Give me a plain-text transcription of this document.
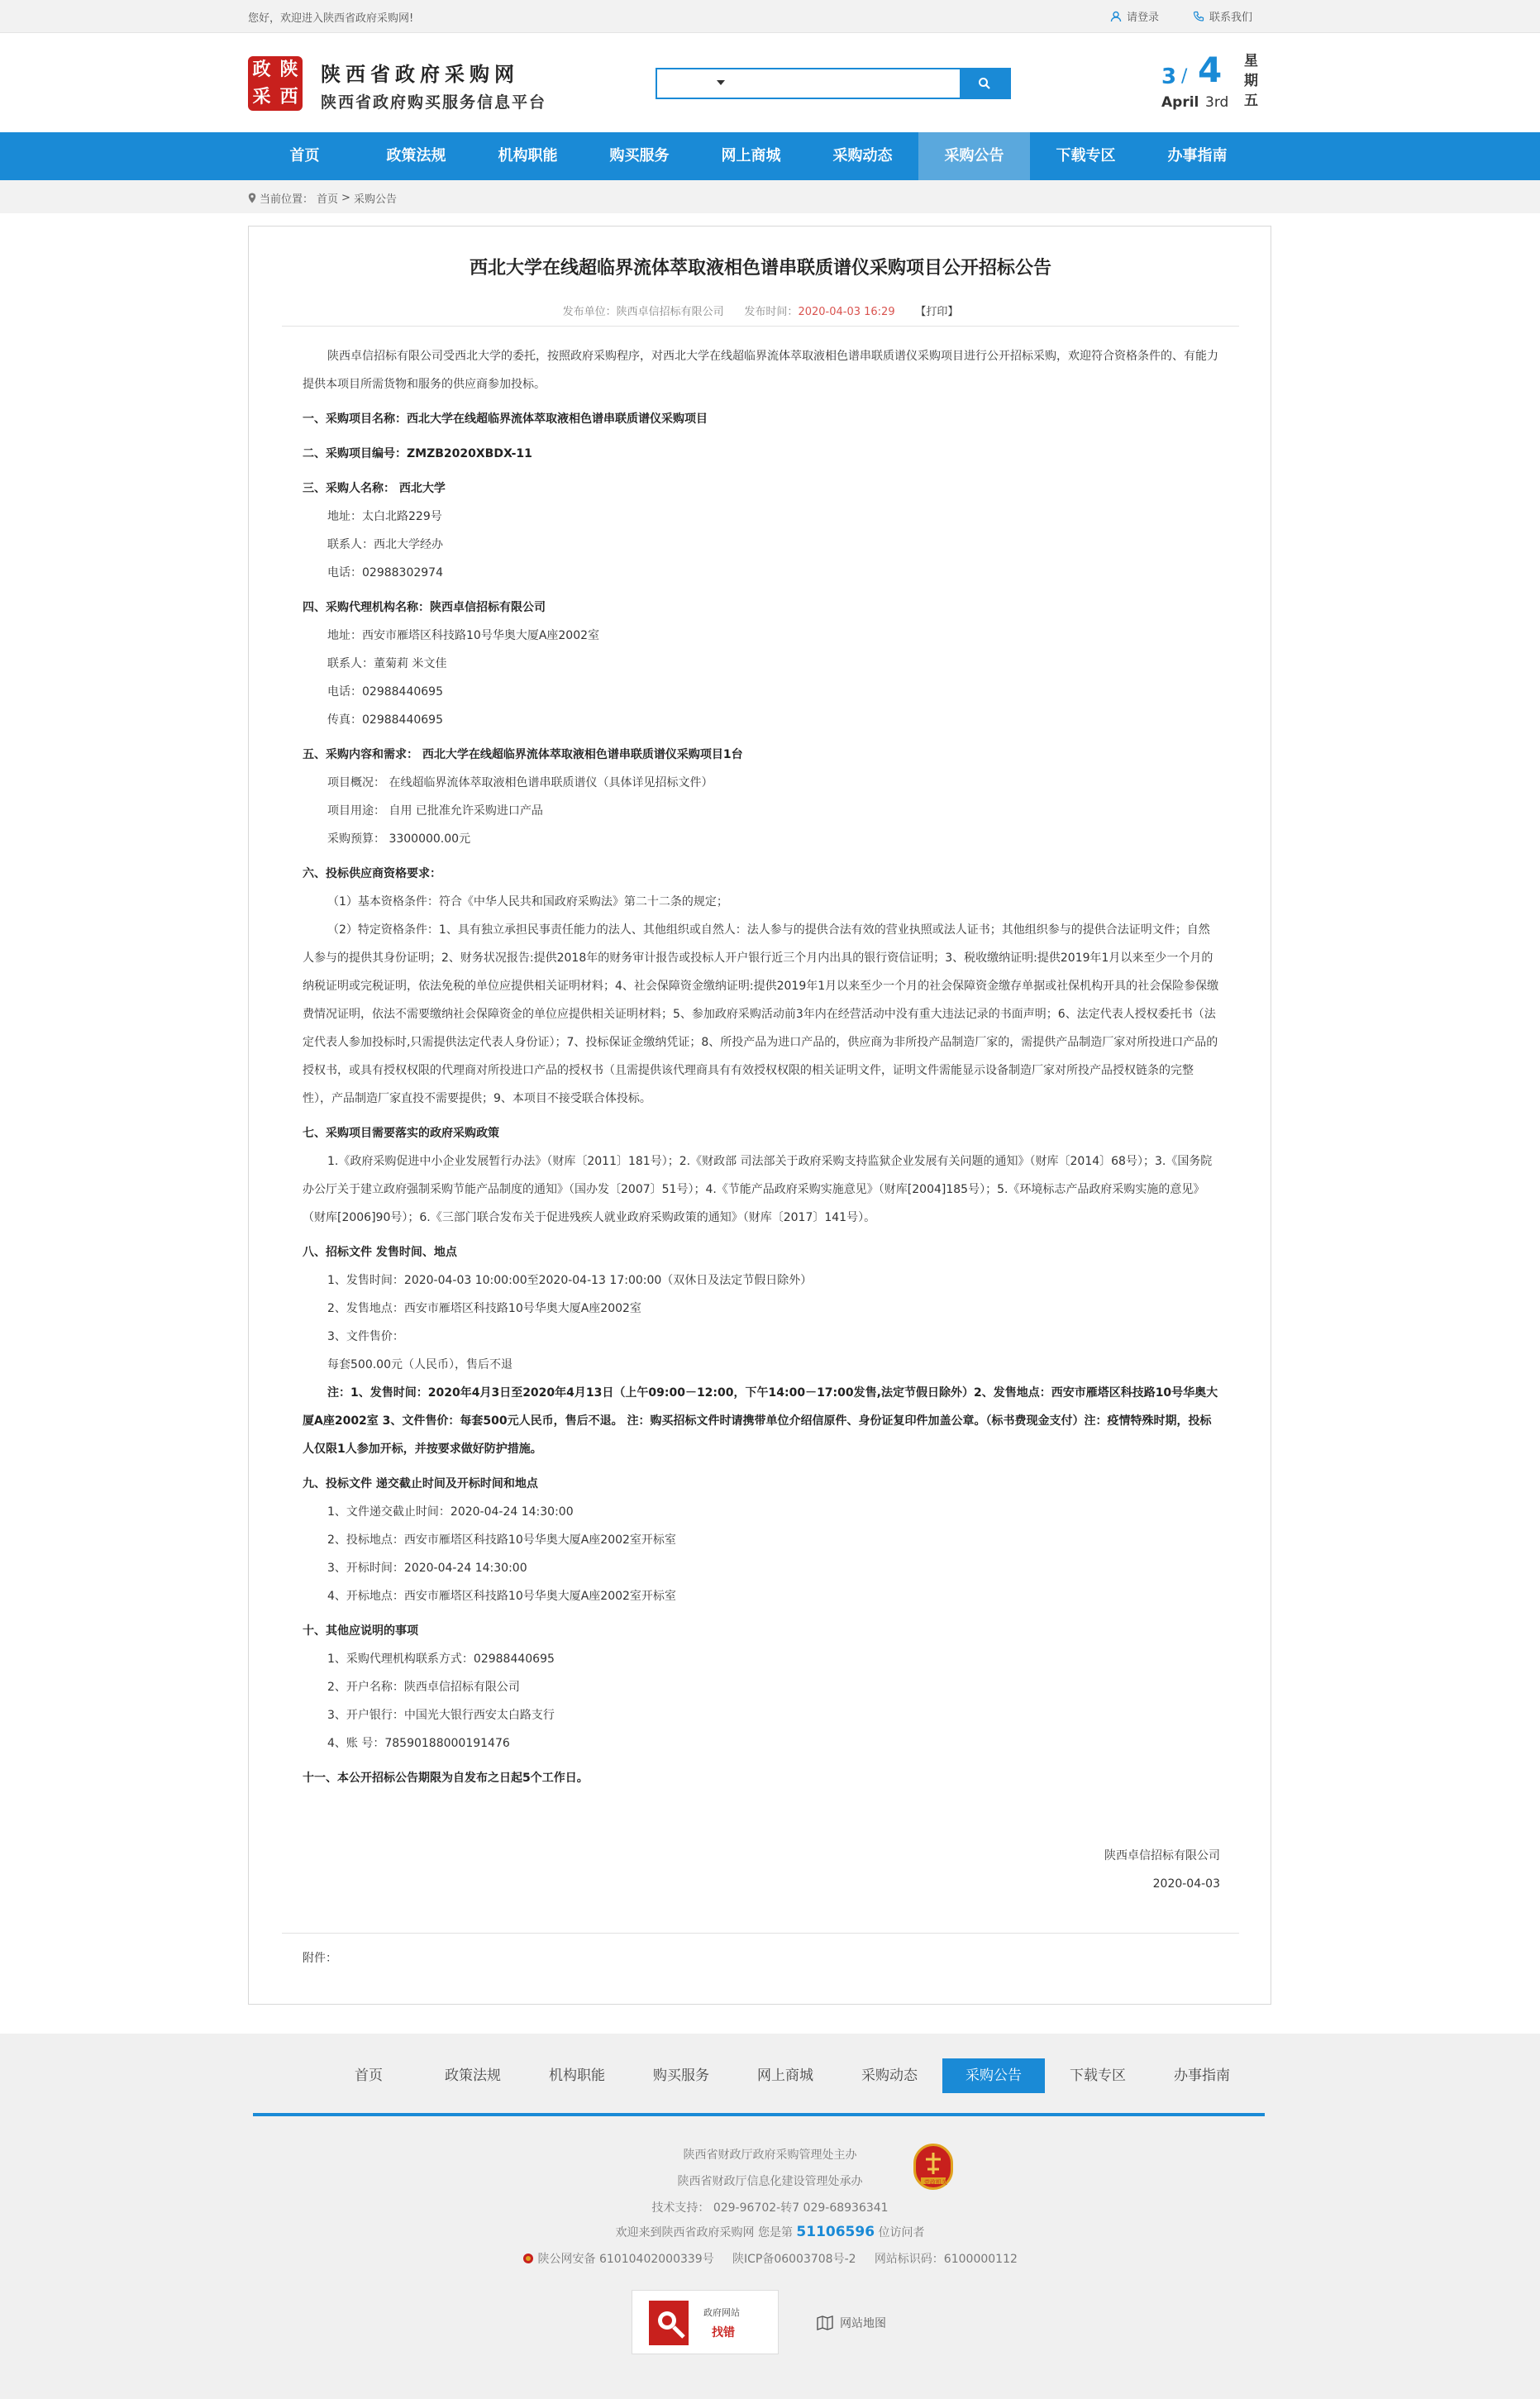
您好，欢迎进入陕西省政府采购网!	请登录	联系我们
政 陕
采 西
陕西省政府采购网
陕西省政府购买服务信息平台
3 / 4
April 3rd
星期五
首页	政策法规	机构职能	购买服务	网上商城	采购动态	采购公告	下载专区	办事指南
当前位置： 首页 > 采购公告
西北大学在线超临界流体萃取液相色谱串联质谱仪采购项目公开招标公告
发布单位：陕西卓信招标有限公司 发布时间：2020-04-03 16:29 【打印】

陕西卓信招标有限公司受西北大学的委托，按照政府采购程序，对西北大学在线超临界流体萃取液相色谱串联质谱仪采购项目进行公开招标采购，欢迎符合资格条件的、有能力提供本项目所需货物和服务的供应商参加投标。

一、采购项目名称：西北大学在线超临界流体萃取液相色谱串联质谱仪采购项目

二、采购项目编号：ZMZB2020XBDX-11

三、采购人名称： 西北大学

地址：太白北路229号

联系人：西北大学经办

电话：02988302974

四、采购代理机构名称：陕西卓信招标有限公司

地址：西安市雁塔区科技路10号华奥大厦A座2002室

联系人：董菊莉 米文佳

电话：02988440695

传真：02988440695

五、采购内容和需求： 西北大学在线超临界流体萃取液相色谱串联质谱仪采购项目1台

项目概况： 在线超临界流体萃取液相色谱串联质谱仪（具体详见招标文件）

项目用途： 自用 已批准允许采购进口产品

采购预算： 3300000.00元

六、投标供应商资格要求：

（1）基本资格条件：符合《中华人民共和国政府采购法》第二十二条的规定；

（2）特定资格条件：1、具有独立承担民事责任能力的法人、其他组织或自然人：法人参与的提供合法有效的营业执照或法人证书；其他组织参与的提供合法证明文件；自然人参与的提供其身份证明；2、财务状况报告:提供2018年的财务审计报告或投标人开户银行近三个月内出具的银行资信证明；3、税收缴纳证明:提供2019年1月以来至少一个月的纳税证明或完税证明，依法免税的单位应提供相关证明材料；4、社会保障资金缴纳证明:提供2019年1月以来至少一个月的社会保障资金缴存单据或社保机构开具的社会保险参保缴费情况证明，依法不需要缴纳社会保障资金的单位应提供相关证明材料；5、参加政府采购活动前3年内在经营活动中没有重大违法记录的书面声明；6、法定代表人授权委托书（法定代表人参加投标时,只需提供法定代表人身份证）；7、投标保证金缴纳凭证；8、所投产品为进口产品的，供应商为非所投产品制造厂家的，需提供产品制造厂家对所投进口产品的授权书，或具有授权权限的代理商对所投进口产品的授权书（且需提供该代理商具有有效授权权限的相关证明文件，证明文件需能显示设备制造厂家对所投产品授权链条的完整性），产品制造厂家直投不需要提供；9、本项目不接受联合体投标。

七、采购项目需要落实的政府采购政策

1.《政府采购促进中小企业发展暂行办法》（财库〔2011〕181号）；2.《财政部 司法部关于政府采购支持监狱企业发展有关问题的通知》（财库〔2014〕68号）；3.《国务院办公厅关于建立政府强制采购节能产品制度的通知》（国办发〔2007〕51号）；4.《节能产品政府采购实施意见》（财库[2004]185号）；5.《环境标志产品政府采购实施的意见》（财库[2006]90号）；6.《三部门联合发布关于促进残疾人就业政府采购政策的通知》（财库〔2017〕141号）。

八、招标文件 发售时间、地点

1、发售时间：2020-04-03 10:00:00至2020-04-13 17:00:00（双休日及法定节假日除外）

2、发售地点：西安市雁塔区科技路10号华奥大厦A座2002室

3、文件售价：

每套500.00元（人民币），售后不退

注：1、发售时间：2020年4月3日至2020年4月13日（上午09:00－12:00，下午14:00－17:00发售,法定节假日除外）2、发售地点：西安市雁塔区科技路10号华奥大厦A座2002室 3、文件售价：每套500元人民币，售后不退。 注：购买招标文件时请携带单位介绍信原件、身份证复印件加盖公章。（标书费现金支付）注：疫情特殊时期，投标人仅限1人参加开标，并按要求做好防护措施。

九、投标文件 递交截止时间及开标时间和地点

1、文件递交截止时间：2020-04-24 14:30:00

2、投标地点：西安市雁塔区科技路10号华奥大厦A座2002室开标室

3、开标时间：2020-04-24 14:30:00

4、开标地点：西安市雁塔区科技路10号华奥大厦A座2002室开标室

十、其他应说明的事项

1、采购代理机构联系方式：02988440695

2、开户名称：陕西卓信招标有限公司

3、开户银行：中国光大银行西安太白路支行

4、账 号：78590188000191476

十一、本公开招标公告期限为自发布之日起5个工作日。

陕西卓信招标有限公司

2020-04-03

附件：
首页	政策法规	机构职能	购买服务	网上商城	采购动态	采购公告	下载专区	办事指南
陕西省财政厅政府采购管理处主办
陕西省财政厅信息化建设管理处承办
技术支持： 029-96702-转7 029-68936341
欢迎来到陕西省政府采购网 您是第 51106596 位访问者
陕公网安备 61010402000339号 陕ICP备06003708号-2 网站标识码：6100000112
党政机关
政府网站
找错
网站地图
